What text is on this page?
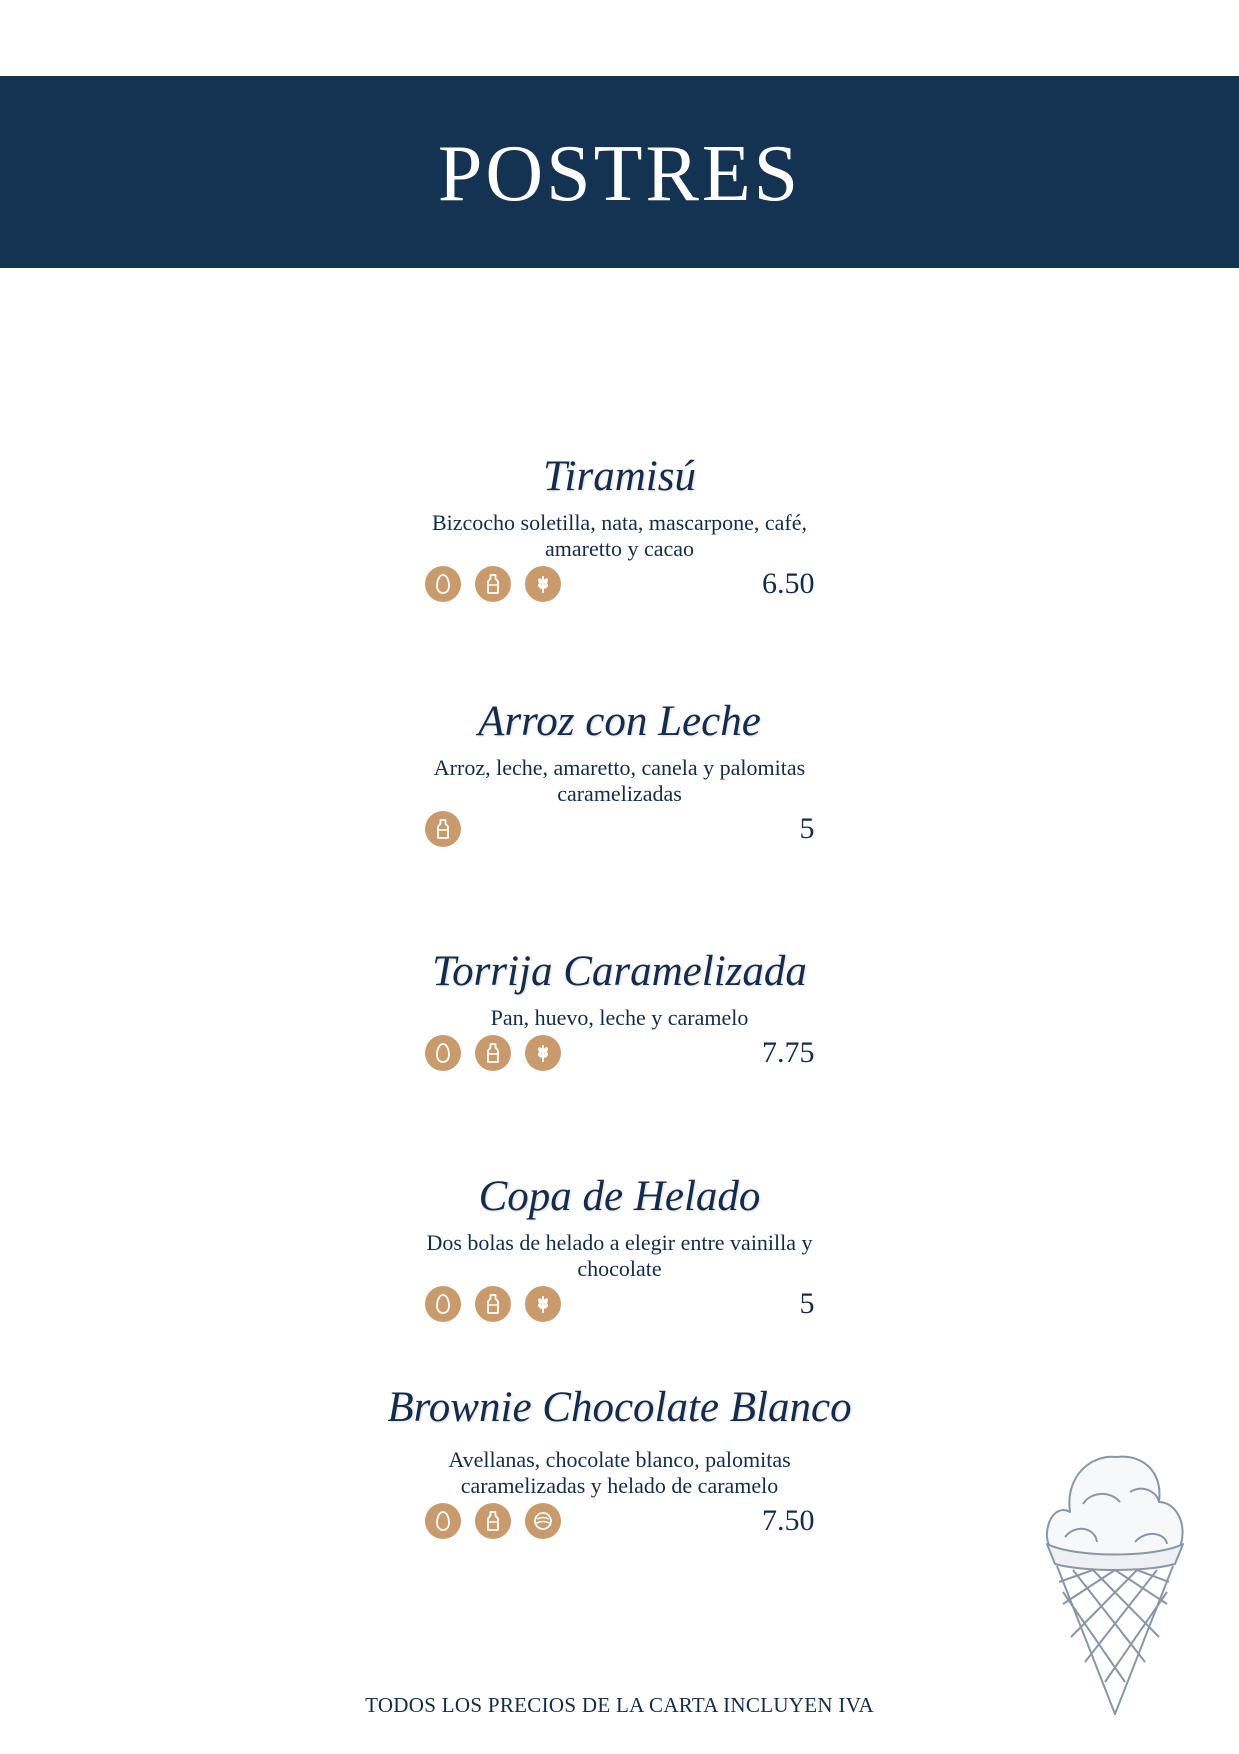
POSTRES

Tiramisú

Bizcocho soletilla, nata, mascarpone, café, amaretto y cacao
6.50

Arroz con Leche

Arroz, leche, amaretto, canela y palomitas caramelizadas
5

Torrija Caramelizada

Pan, huevo, leche y caramelo
7.75

Copa de Helado

Dos bolas de helado a elegir entre vainilla y chocolate
5

Brownie Chocolate Blanco

Avellanas, chocolate blanco, palomitas caramelizadas y helado de caramelo
7.50
TODOS LOS PRECIOS DE LA CARTA INCLUYEN IVA
